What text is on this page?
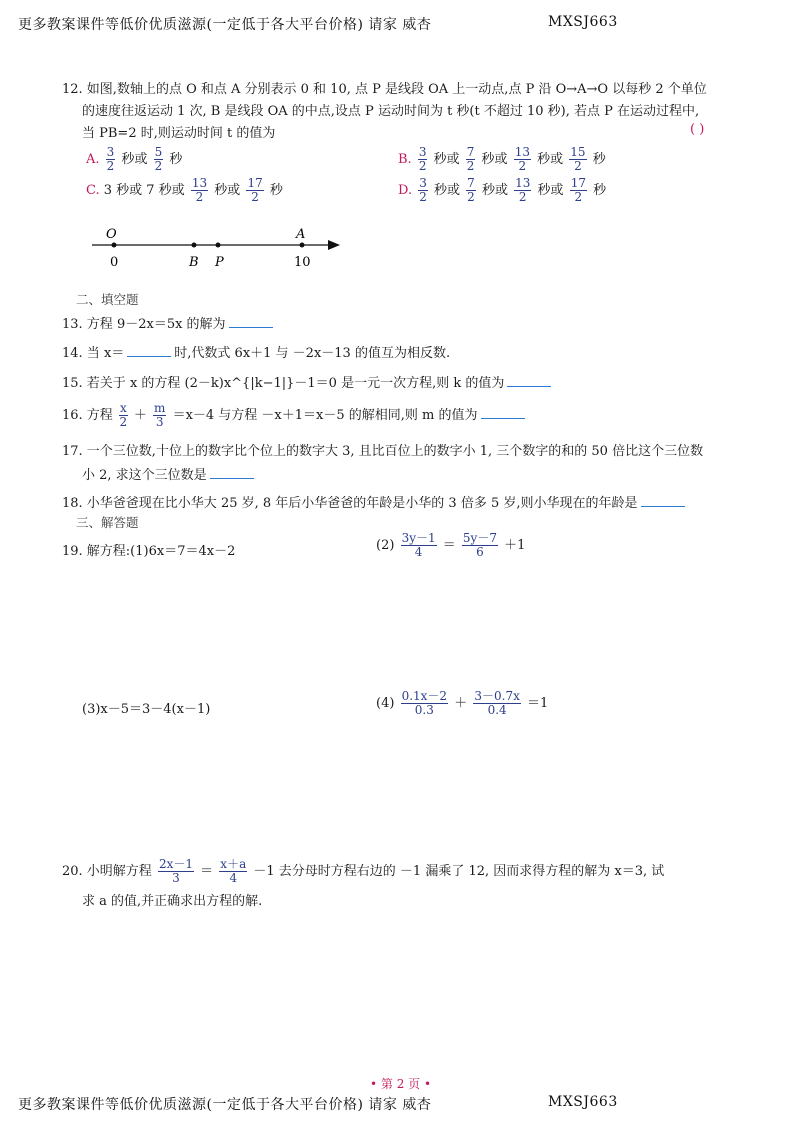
更多教案课件等低价优质滋源(一定低于各大平台价格) 请家 威杏	MXSJ663
12. 如图,数轴上的点 O 和点 A 分别表示 0 和 10, 点 P 是线段 OA 上一动点,点 P 沿 O→A→O 以每秒 2 个单位
的速度往返运动 1 次, B 是线段 OA 的中点,设点 P 运动时间为 t 秒(t 不超过 10 秒), 若点 P 在运动过程中,
当 PB=2 时,则运动时间 t 的值为	( )
A. $\frac{3}{2}$ 秒或 $\frac{5}{2}$ 秒	B. $\frac{3}{2}$ 秒或 $\frac{7}{2}$ 秒或 $\frac{13}{2}$ 秒或 $\frac{15}{2}$ 秒
C. 3 秒或 7 秒或 $\frac{13}{2}$ 秒或 $\frac{17}{2}$ 秒	D. $\frac{3}{2}$ 秒或 $\frac{7}{2}$ 秒或 $\frac{13}{2}$ 秒或 $\frac{17}{2}$ 秒
O	A
0	B P	10
二、填空题
13. 方程 9－2x＝5x 的解为
14. 当 x＝	时,代数式 6x＋1 与 －2x－13 的值互为相反数.
15. 若关于 x 的方程 (2－k)x^{|k−1|}－1＝0 是一元一次方程,则 k 的值为
16. 方程 $\frac{x}{2} + \frac{m}{3} =x-4$ 与方程 －x＋1＝x－5 的解相同,则 m 的值为
17. 一个三位数,十位上的数字比个位上的数字大 3, 且比百位上的数字小 1, 三个数字的和的 50 倍比这个三位数
小 2, 求这个三位数是
18. 小华爸爸现在比小华大 25 岁, 8 年后小华爸爸的年龄是小华的 3 倍多 5 岁,则小华现在的年龄是
三、解答题
19. 解方程:(1)6x＝7＝4x－2	$(2) \frac{3y-1}{4} = \frac{5y-7}{6} +1$
(3)x－5＝3－4(x－1)	$(4) \frac{0.1x-2}{0.3} + \frac{3-0.7x}{0.4} =1$
20. 小明解方程 $\frac{2x-1}{3} = \frac{x+a}{4} -1$ 去分母时方程右边的 －1 漏乘了 12, 因而求得方程的解为 x＝3, 试
求 a 的值,并正确求出方程的解.
• 第 2 页 •
更多教案课件等低价优质滋源(一定低于各大平台价格) 请家 威杏	MXSJ663
